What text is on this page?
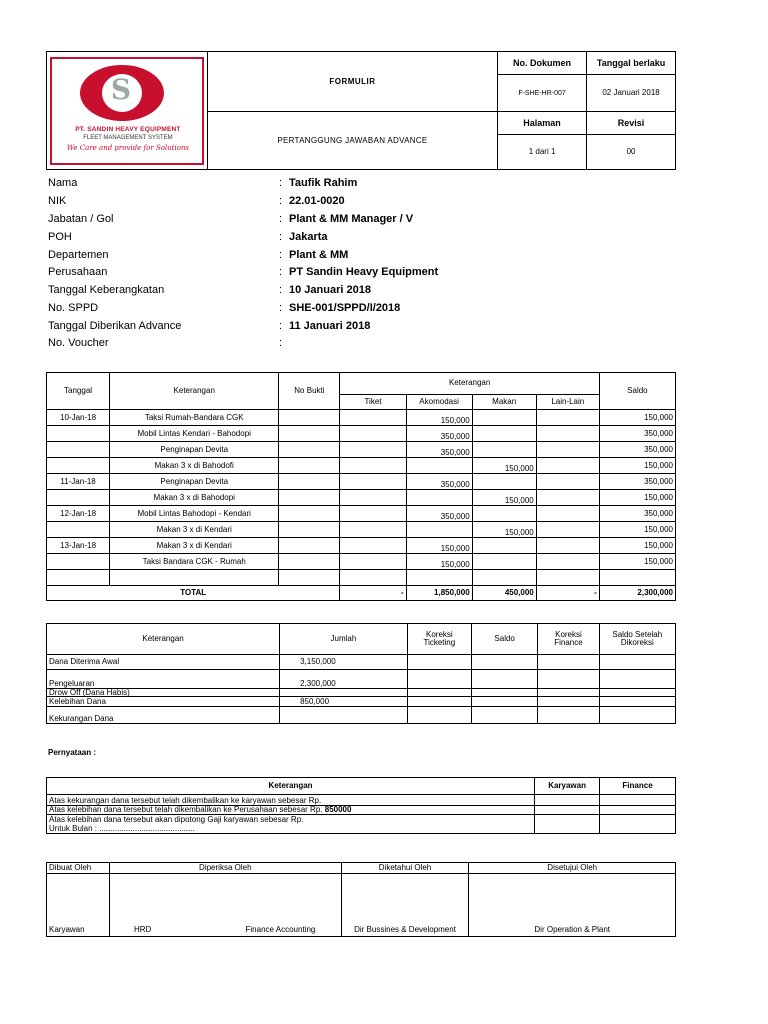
S
PT. SANDIN HEAVY EQUIPMENT
FLEET MANAGEMENT SYSTEM
We Care and provide for Solutions	FORMULIR	No. Dokumen	Tanggal berlaku
		F-SHE-HR-007	02 Januari 2018
	PERTANGGUNG JAWABAN ADVANCE	Halaman	Revisi
		1 dari 1	00
Nama	: Taufik Rahim
NIK	: 22.01-0020
Jabatan / Gol	: Plant & MM Manager / V
POH	: Jakarta
Departemen	: Plant & MM
Perusahaan	: PT Sandin Heavy Equipment
Tanggal Keberangkatan	: 10 Januari 2018
No. SPPD	: SHE-001/SPPD/I/2018
Tanggal Diberikan Advance	: 11 Januari 2018
No. Voucher	:
Tanggal	Keterangan	No Bukti	Keterangan				Saldo
			Tiket	Akomodasi	Makan	Lain-Lain	
10-Jan-18	Taksi Rumah-Bandara CGK			150,000			150,000
	Mobil Lintas Kendari - Bahodopi			350,000			350,000
	Penginapan Devita			350,000			350,000
	Makan 3 x di Bahodofi				150,000		150,000
11-Jan-18	Penginapan Devita			350,000			350,000
	Makan 3 x di Bahodopi				150,000		150,000
12-Jan-18	Mobil Lintas Bahodopi - Kendari			350,000			350,000
	Makan 3 x di Kendari				150,000		150,000
13-Jan-18	Makan 3 x di Kendari			150,000			150,000
	Taksi Bandara CGK - Rumah			150,000			150,000

TOTAL			-	1,850,000	450,000	-	2,300,000
Keterangan	Jumlah	Koreksi Ticketing	Saldo	Koreksi Finance	Saldo Setelah Dikoreksi
Dana Diterima Awal	3,150,000				
Pengeluaran	2,300,000				
Drow Off (Dana Habis)					
Kelebihan Dana	850,000				
Kekurangan Dana					
Pernyataan :
Keterangan	Karyawan	Finance
Atas kekurangan dana tersebut telah dikembalikan ke karyawan sebesar Rp.		
Atas kelebihan dana tersebut telah dikembalikan ke Perusahaan sebesar Rp. 850000		
Atas kelebihan dana tersebut akan dipotong Gaji karyawan sebesar Rp.
Untuk Bulan : ...........................................		
Dibuat Oleh	Diperiksa Oleh	Diketahui Oleh	Disetujui Oleh
Karyawan	HRD Finance Accounting	Dir Bussines & Development	Dir Operation & Plant
